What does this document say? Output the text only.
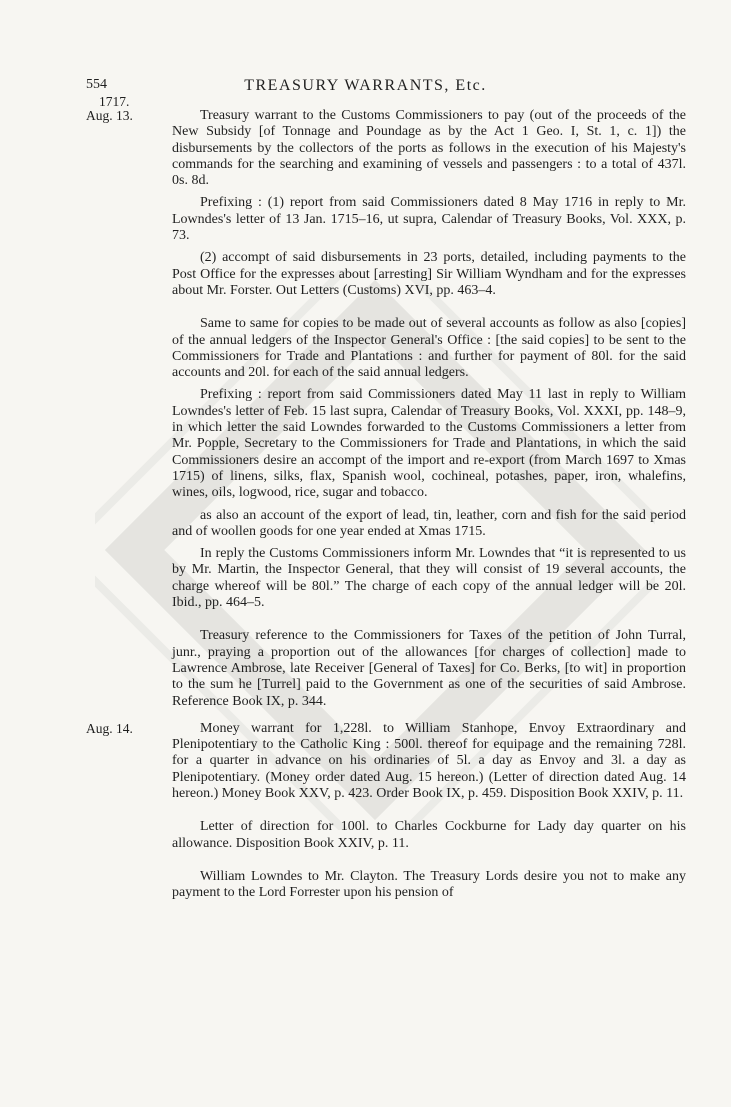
554	TREASURY WARRANTS, Etc.
1717.
Aug. 13.	Treasury warrant to the Customs Commissioners to pay (out of the proceeds of the New Subsidy [of Tonnage and Poundage as by the Act 1 Geo. I, St. 1, c. 1]) the disbursements by the collectors of the ports as follows in the execution of his Majesty's commands for the searching and examining of vessels and passengers : to a total of 437l. 0s. 8d.

Prefixing : (1) report from said Commissioners dated 8 May 1716 in reply to Mr. Lowndes's letter of 13 Jan. 1715–16, ut supra, Calendar of Treasury Books, Vol. XXX, p. 73.

(2) accompt of said disbursements in 23 ports, detailed, including payments to the Post Office for the expresses about [arresting] Sir William Wyndham and for the expresses about Mr. Forster. Out Letters (Customs) XVI, pp. 463–4.

Same to same for copies to be made out of several accounts as follow as also [copies] of the annual ledgers of the Inspector General's Office : [the said copies] to be sent to the Commissioners for Trade and Plantations : and further for payment of 80l. for the said accounts and 20l. for each of the said annual ledgers.

Prefixing : report from said Commissioners dated May 11 last in reply to William Lowndes's letter of Feb. 15 last supra, Calendar of Treasury Books, Vol. XXXI, pp. 148–9, in which letter the said Lowndes forwarded to the Customs Commissioners a letter from Mr. Popple, Secretary to the Commissioners for Trade and Plantations, in which the said Commissioners desire an accompt of the import and re-export (from March 1697 to Xmas 1715) of linens, silks, flax, Spanish wool, cochineal, potashes, paper, iron, whalefins, wines, oils, logwood, rice, sugar and tobacco.

as also an account of the export of lead, tin, leather, corn and fish for the said period and of woollen goods for one year ended at Xmas 1715.

In reply the Customs Commissioners inform Mr. Lowndes that “it is represented to us by Mr. Martin, the Inspector General, that they will consist of 19 several accounts, the charge whereof will be 80l.” The charge of each copy of the annual ledger will be 20l. Ibid., pp. 464–5.

Treasury reference to the Commissioners for Taxes of the petition of John Turral, junr., praying a proportion out of the allowances [for charges of collection] made to Lawrence Ambrose, late Receiver [General of Taxes] for Co. Berks, [to wit] in proportion to the sum he [Turrel] paid to the Government as one of the securities of said Ambrose. Reference Book IX, p. 344.

Aug. 14.	Money warrant for 1,228l. to William Stanhope, Envoy Extraordinary and Plenipotentiary to the Catholic King : 500l. thereof for equipage and the remaining 728l. for a quarter in advance on his ordinaries of 5l. a day as Envoy and 3l. a day as Plenipotentiary. (Money order dated Aug. 15 hereon.) (Letter of direction dated Aug. 14 hereon.) Money Book XXV, p. 423. Order Book IX, p. 459. Disposition Book XXIV, p. 11.

Letter of direction for 100l. to Charles Cockburne for Lady day quarter on his allowance. Disposition Book XXIV, p. 11.

William Lowndes to Mr. Clayton. The Treasury Lords desire you not to make any payment to the Lord Forrester upon his pension of
